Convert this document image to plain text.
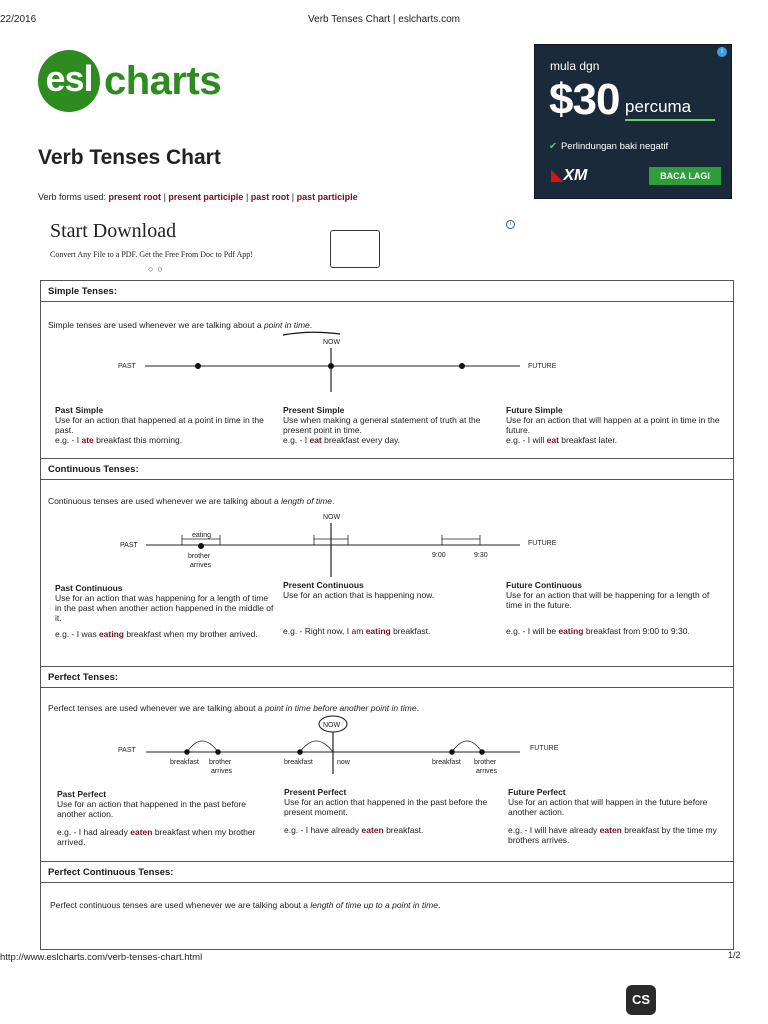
22/2016	Verb Tenses Chart | eslcharts.com
esl charts
Verb Tenses Chart
Verb forms used: present root | present participle | past root | past participle
i
mula dgn
$30 percuma
✔ Perlindungan baki negatif
◣XM	BACA LAGI
Start Download
Convert Any File to a PDF. Get the Free From Doc to Pdf App!
○○
i
Simple Tenses:
Simple tenses are used whenever we are talking about a point in time.
NOW
PAST	FUTURE
Past Simple
Use for an action that happened at a point in time in the past.
e.g. - I ate breakfast this morning.
Present Simple
Use when making a general statement of truth at the present point in time.
e.g. - I eat breakfast every day.
Future Simple
Use for an action that will happen at a point in time in the future.
e.g. - I will eat breakfast later.
Continuous Tenses:
Continuous tenses are used whenever we are talking about a length of time.
NOW
PAST	FUTURE
eating
brother
arrives
9:00	9:30
Past Continuous
Use for an action that was happening for a length of time in the past when another action happened in the middle of it.
e.g. - I was eating breakfast when my brother arrived.
Present Continuous
Use for an action that is happening now.
e.g. - Right now, I am eating breakfast.
Future Continuous
Use for an action that will be happening for a length of time in the future.
e.g. - I will be eating breakfast from 9:00 to 9:30.
Perfect Tenses:
Perfect tenses are used whenever we are talking about a point in time before another point in time.
NOW
PAST	FUTURE
breakfast brother
arrives
breakfast	now	breakfast brother
arrives
Past Perfect
Use for an action that happened in the past before another action.
e.g. - I had already eaten breakfast when my brother arrived.
Present Perfect
Use for an action that happened in the past before the present moment.
e.g. - I have already eaten breakfast.
Future Perfect
Use for an action that will happen in the future before another action.
e.g. - I will have already eaten breakfast by the time my brothers arrives.
Perfect Continuous Tenses:
Perfect continuous tenses are used whenever we are talking about a length of time up to a point in time.
http://www.eslcharts.com/verb-tenses-chart.html	1/2
CS
